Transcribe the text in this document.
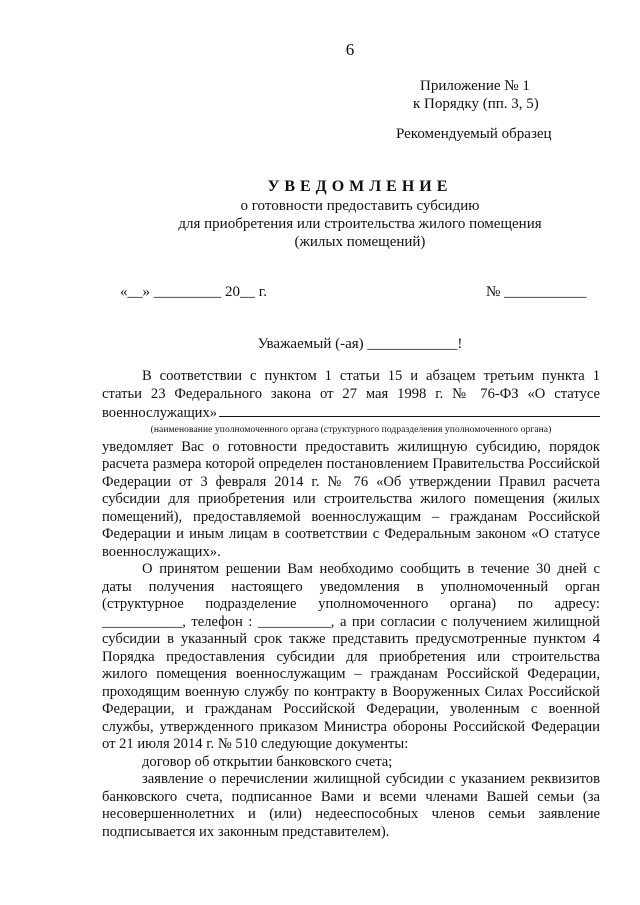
6
Приложение № 1
к Порядку (пп. 3, 5)
Рекомендуемый образец
УВЕДОМЛЕНИЕ
о готовности предоставить субсидию
для приобретения или строительства жилого помещения
(жилых помещений)
«__» _________ 20__ г.	№ ___________
Уважаемый (-ая) ____________!

В соответствии с пунктом 1 статьи 15 и абзацем третьим пункта 1

статьи 23 Федерального закона от 27 мая 1998 г. № 76-ФЗ «О статусе

военнослужащих»

(наименование уполномоченного органа (структурного подразделения уполномоченного органа)

уведомляет Вас о готовности предоставить жилищную субсидию, порядок расчета размера которой определен постановлением Правительства Российской Федерации от 3 февраля 2014 г. № 76 «Об утверждении Правил расчета субсидии для приобретения или строительства жилого помещения (жилых помещений), предоставляемой военнослужащим – гражданам Российской Федерации и иным лицам в соответствии с Федеральным законом «О статусе военнослужащих».

О принятом решении Вам необходимо сообщить в течение 30 дней с

даты получения настоящего уведомления в уполномоченный орган

(структурное подразделение уполномоченного органа) по адресу:

___________, телефон : __________, а при согласии с получением жилищной

субсидии в указанный срок также представить предусмотренные пунктом 4 Порядка предоставления субсидии для приобретения или строительства жилого помещения военнослужащим – гражданам Российской Федерации, проходящим военную службу по контракту в Вооруженных Силах Российской Федерации, и гражданам Российской Федерации, уволенным с военной службы, утвержденного приказом Министра обороны Российской Федерации от 21 июля 2014 г. № 510 следующие документы:

договор об открытии банковского счета;

заявление о перечислении жилищной субсидии с указанием реквизитов банковского счета, подписанное Вами и всеми членами Вашей семьи (за несовершеннолетних и (или) недееспособных членов семьи заявление подписывается их законным представителем).
